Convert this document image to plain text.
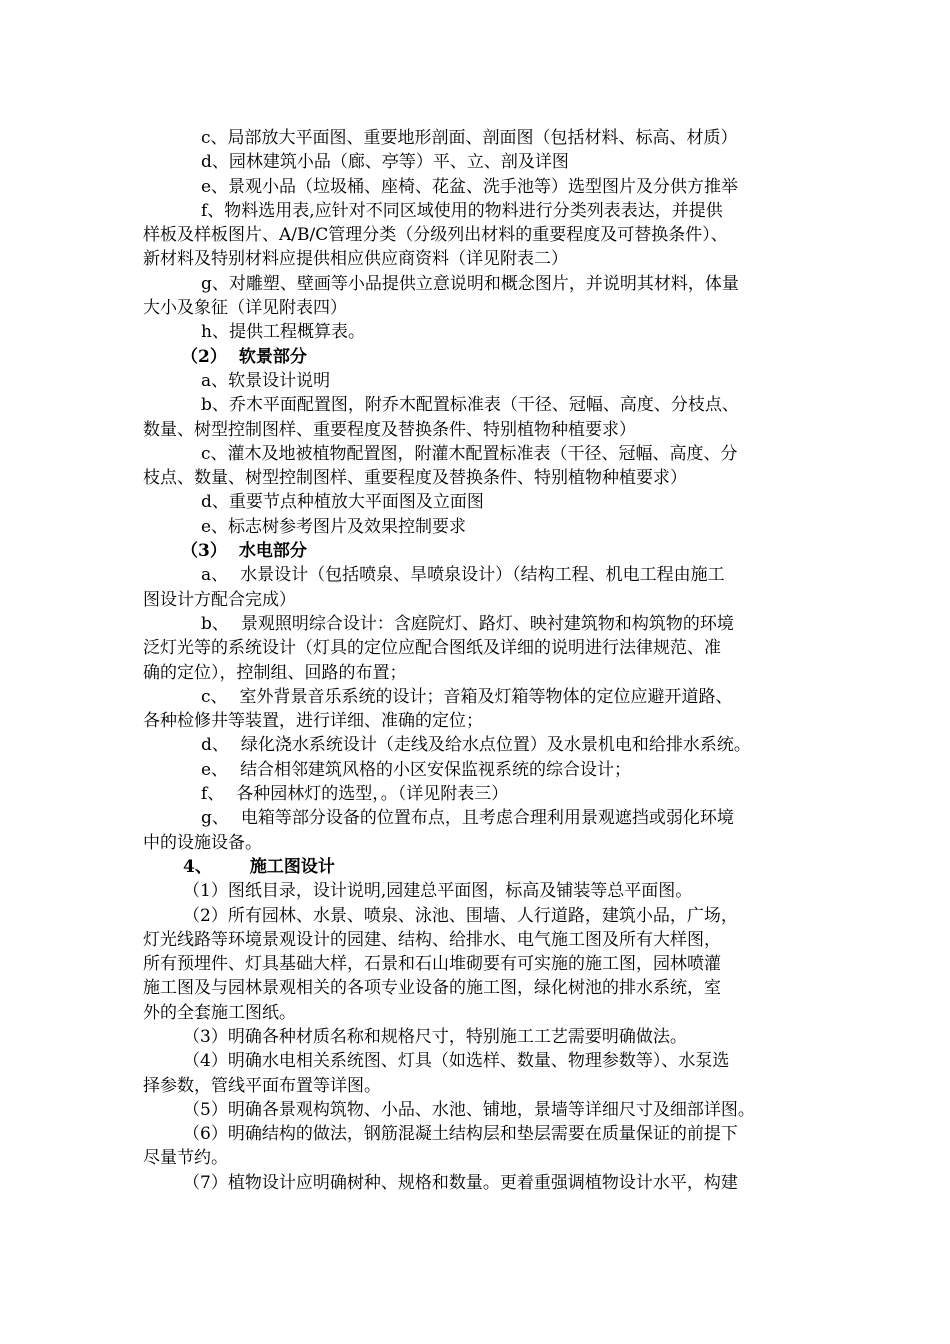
c、局部放大平面图、重要地形剖面、剖面图（包括材料、标高、材质）

d、园林建筑小品（廊、亭等）平、立、剖及详图

e、景观小品（垃圾桶、座椅、花盆、洗手池等）选型图片及分供方推举

f、物料选用表,应针对不同区域使用的物料进行分类列表表达，并提供

样板及样板图片、A/B/C管理分类（分级列出材料的重要程度及可替换条件）、

新材料及特别材料应提供相应供应商资料（详见附表二）

g、对雕塑、壁画等小品提供立意说明和概念图片，并说明其材料，体量

大小及象征（详见附表四）

h、提供工程概算表。

（2） 软景部分

a、软景设计说明

b、乔木平面配置图，附乔木配置标准表（干径、冠幅、高度、分枝点、

数量、树型控制图样、重要程度及替换条件、特别植物种植要求）

c、灌木及地被植物配置图，附灌木配置标准表（干径、冠幅、高度、分

枝点、数量、树型控制图样、重要程度及替换条件、特别植物种植要求）

d、重要节点种植放大平面图及立面图

e、标志树参考图片及效果控制要求

（3） 水电部分

a、 水景设计（包括喷泉、旱喷泉设计）（结构工程、机电工程由施工

图设计方配合完成）

b、 景观照明综合设计：含庭院灯、路灯、映衬建筑物和构筑物的环境

泛灯光等的系统设计（灯具的定位应配合图纸及详细的说明进行法律规范、准

确的定位），控制组、回路的布置；

c、 室外背景音乐系统的设计；音箱及灯箱等物体的定位应避开道路、

各种检修井等装置，进行详细、准确的定位；

d、 绿化浇水系统设计（走线及给水点位置）及水景机电和给排水系统。

e、 结合相邻建筑风格的小区安保监视系统的综合设计；

f、 各种园林灯的选型，。（详见附表三）

g、 电箱等部分设备的位置布点，且考虑合理利用景观遮挡或弱化环境

中的设施设备。

4、 施工图设计

（1）图纸目录，设计说明,园建总平面图，标高及铺装等总平面图。

（2）所有园林、水景、喷泉、泳池、围墙、人行道路，建筑小品，广场，

灯光线路等环境景观设计的园建、结构、给排水、电气施工图及所有大样图，

所有预埋件、灯具基础大样，石景和石山堆砌要有可实施的施工图，园林喷灌

施工图及与园林景观相关的各项专业设备的施工图，绿化树池的排水系统，室

外的全套施工图纸。

（3）明确各种材质名称和规格尺寸，特别施工工艺需要明确做法。

（4）明确水电相关系统图、灯具（如选样、数量、物理参数等）、水泵选

择参数，管线平面布置等详图。

（5）明确各景观构筑物、小品、水池、铺地，景墙等详细尺寸及细部详图。

（6）明确结构的做法，钢筋混凝土结构层和垫层需要在质量保证的前提下

尽量节约。

（7）植物设计应明确树种、规格和数量。更着重强调植物设计水平，构建
